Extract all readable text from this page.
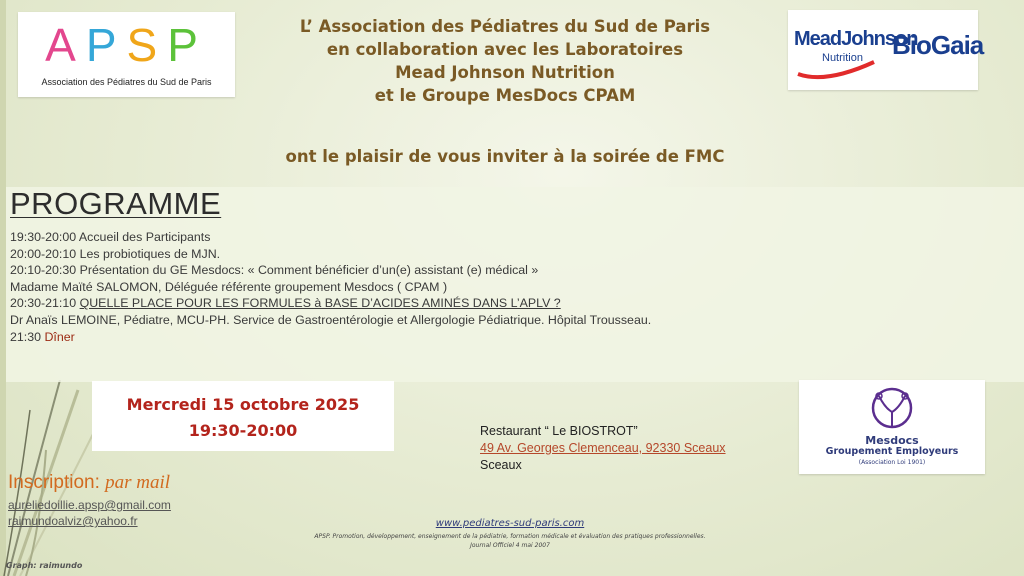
APSP
Association des Pédiatres du Sud de Paris
L’ Association des Pédiatres du Sud de Paris
en collaboration avec les Laboratoires
Mead Johnson Nutrition
et le Groupe MesDocs CPAM
MeadJohnson
Nutrition BioGaia
ont le plaisir de vous inviter à la soirée de FMC
PROGRAMME
19:30-20:00 Accueil des Participants
20:00-20:10 Les probiotiques de MJN.
20:10-20:30 Présentation du GE Mesdocs: « Comment bénéficier d’un(e) assistant (e) médical »
Madame Maïté SALOMON, Déléguée référente groupement Mesdocs ( CPAM )
20:30-21:10 QUELLE PLACE POUR LES FORMULES à BASE D’ACIDES AMINÉS DANS L’APLV ?
Dr Anaïs LEMOINE, Pédiatre, MCU-PH. Service de Gastroentérologie et Allergologie Pédiatrique. Hôpital Trousseau.
21:30 Dîner
Mercredi 15 octobre 2025
19:30-20:00	Restaurant “ Le BIOSTROT”
49 Av. Georges Clemenceau, 92330 Sceaux
Sceaux
Mesdocs
Groupement Employeurs
(Association Loi 1901)
Inscription: par mail
aureliedoillie.apsp@gmail.com
raimundoalviz@yahoo.fr	www.pediatres-sud-paris.com
APSP. Promotion, développement, enseignement de la pédiatrie, formation médicale et évaluation des pratiques professionnelles.
Journal Officiel 4 mai 2007
Graph: raimundo
